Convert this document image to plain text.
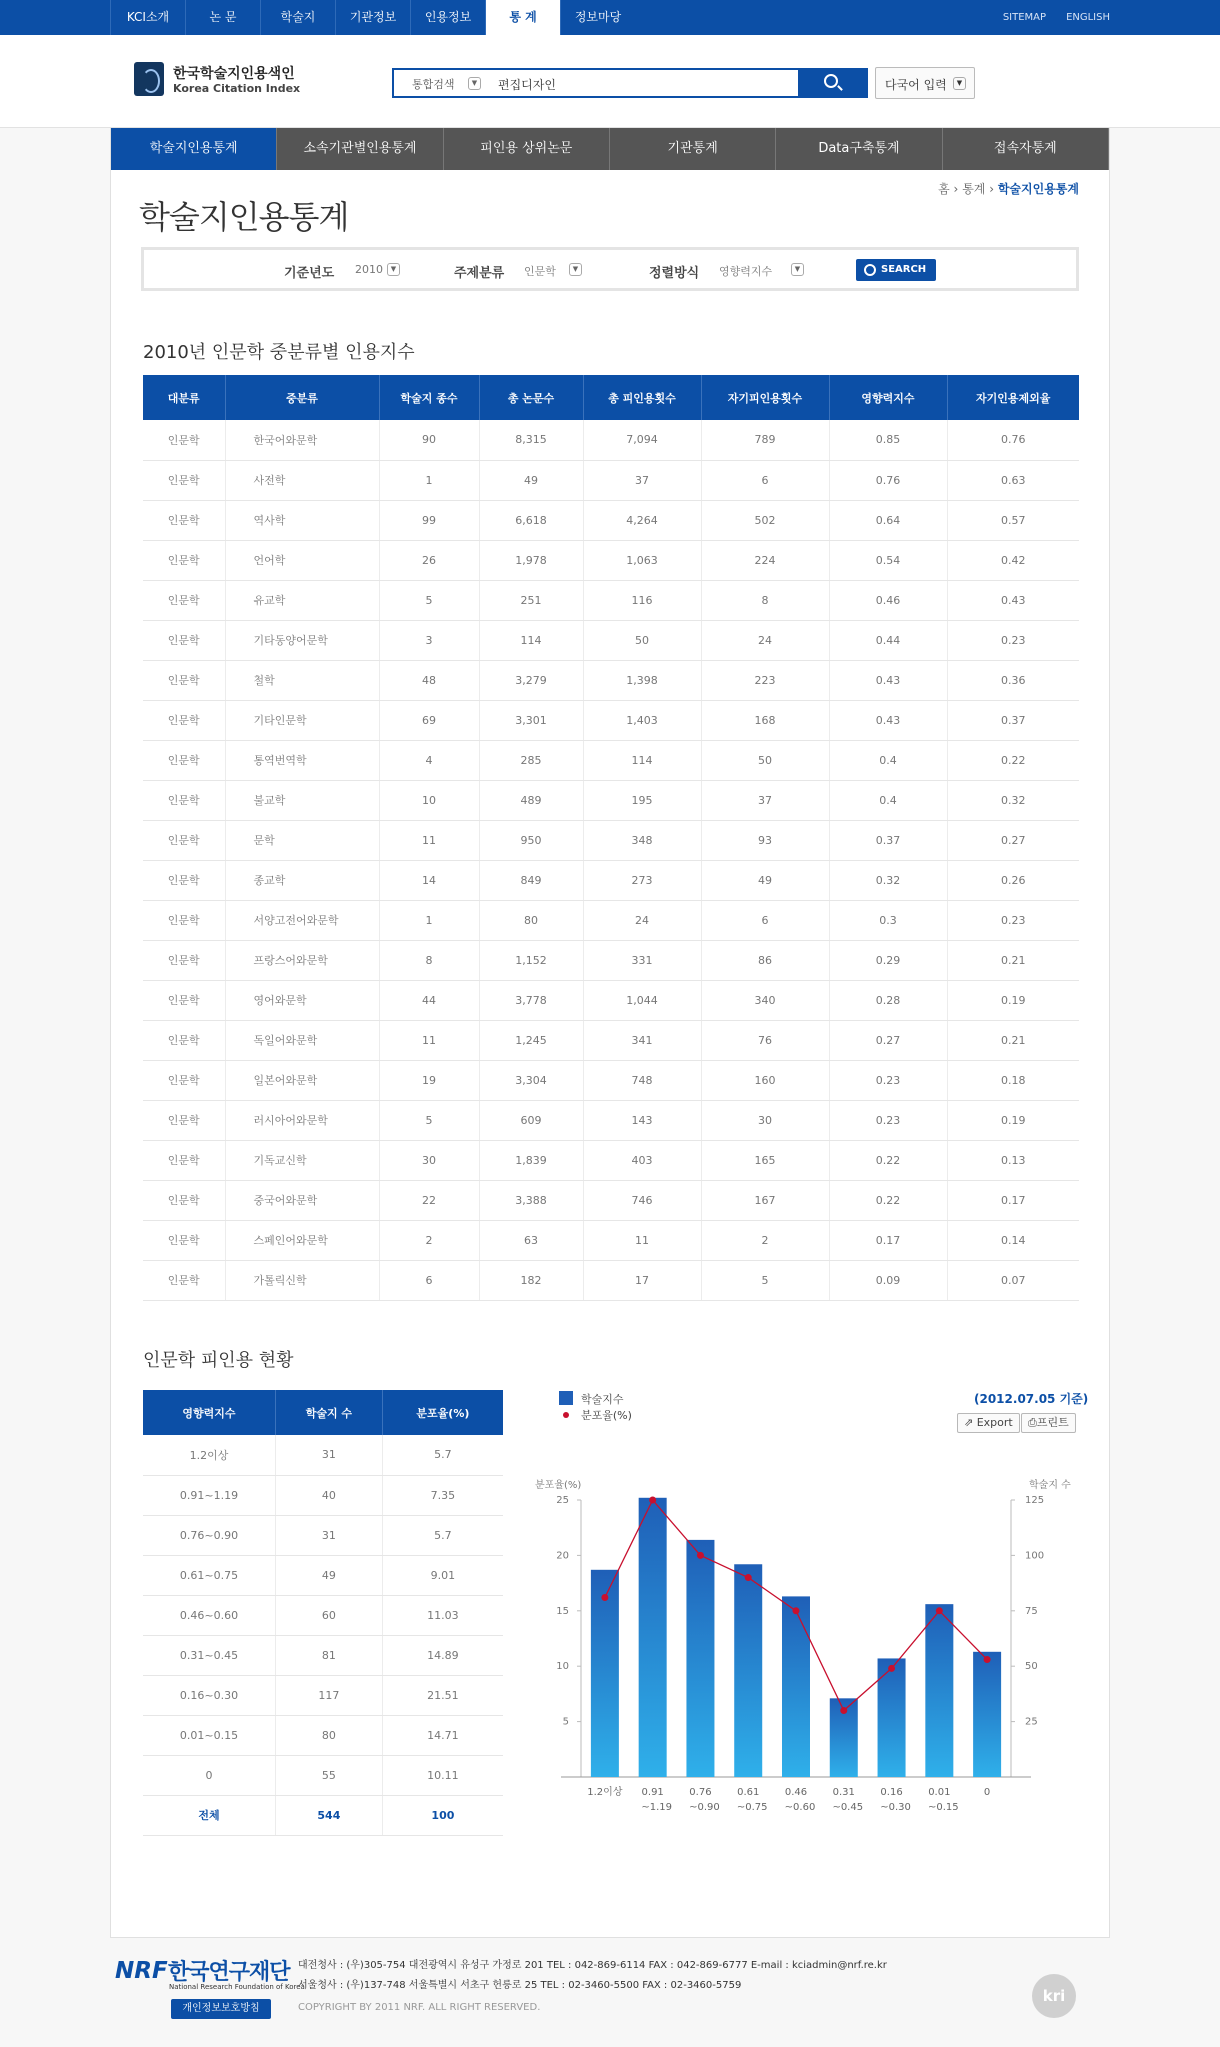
KCI소개	논 문	학술지	기관정보	인용정보	통 계	정보마당	SITEMAP ENGLISH
한국학술지인용색인
Korea Citation Index	통합검색	▼	편집디자인	다국어 입력	▼
학술지인용통계	소속기관별인용통계	피인용 상위논문	기관통계	Data구축통계	접속자통계
홈 › 통계 › 학술지인용통계
학술지인용통계
기준년도 2010	▼	주제분류 인문학	▼	정렬방식 영향력지수	▼	SEARCH
2010년 인문학 중분류별 인용지수
대분류	중분류	학술지 종수	총 논문수	총 피인용횟수	자기피인용횟수	영향력지수	자기인용제외율
인문학	한국어와문학	90	8,315	7,094	789	0.85	0.76
인문학	사전학	1	49	37	6	0.76	0.63
인문학	역사학	99	6,618	4,264	502	0.64	0.57
인문학	언어학	26	1,978	1,063	224	0.54	0.42
인문학	유교학	5	251	116	8	0.46	0.43
인문학	기타동양어문학	3	114	50	24	0.44	0.23
인문학	철학	48	3,279	1,398	223	0.43	0.36
인문학	기타인문학	69	3,301	1,403	168	0.43	0.37
인문학	통역번역학	4	285	114	50	0.4	0.22
인문학	불교학	10	489	195	37	0.4	0.32
인문학	문학	11	950	348	93	0.37	0.27
인문학	종교학	14	849	273	49	0.32	0.26
인문학	서양고전어와문학	1	80	24	6	0.3	0.23
인문학	프랑스어와문학	8	1,152	331	86	0.29	0.21
인문학	영어와문학	44	3,778	1,044	340	0.28	0.19
인문학	독일어와문학	11	1,245	341	76	0.27	0.21
인문학	일본어와문학	19	3,304	748	160	0.23	0.18
인문학	러시아어와문학	5	609	143	30	0.23	0.19
인문학	기독교신학	30	1,839	403	165	0.22	0.13
인문학	중국어와문학	22	3,388	746	167	0.22	0.17
인문학	스페인어와문학	2	63	11	2	0.17	0.14
인문학	가톨릭신학	6	182	17	5	0.09	0.07
인문학 피인용 현황
영향력지수	학술지 수	분포율(%)
1.2이상	31	5.7
0.91~1.19	40	7.35
0.76~0.90	31	5.7
0.61~0.75	49	9.01
0.46~0.60	60	11.03
0.31~0.45	81	14.89
0.16~0.30	117	21.51
0.01~0.15	80	14.71
0	55	10.11
전체	544	100
학술지수
분포율(%)
(2012.07.05 기준)
⇗ Export	⎙프린트
분포율(%)	학술지 수
5
10
15
20
25
25
50
75
100
125
1.2이상 0.91
~1.19
0.76
~0.90
0.61
~0.75
0.46
~0.60
0.31
~0.45
0.16
~0.30
0.01
~0.15
0
NRF 한국연구재단
National Research Foundation of Korea
개인정보보호방침
대전청사 : (우)305-754 대전광역시 유성구 가정로 201 TEL : 042-869-6114 FAX : 042-869-6777 E-mail : kciadmin@nrf.re.kr
서울청사 : (우)137-748 서울특별시 서초구 헌릉로 25 TEL : 02-3460-5500 FAX : 02-3460-5759
COPYRIGHT BY 2011 NRF. ALL RIGHT RESERVED.
kri
